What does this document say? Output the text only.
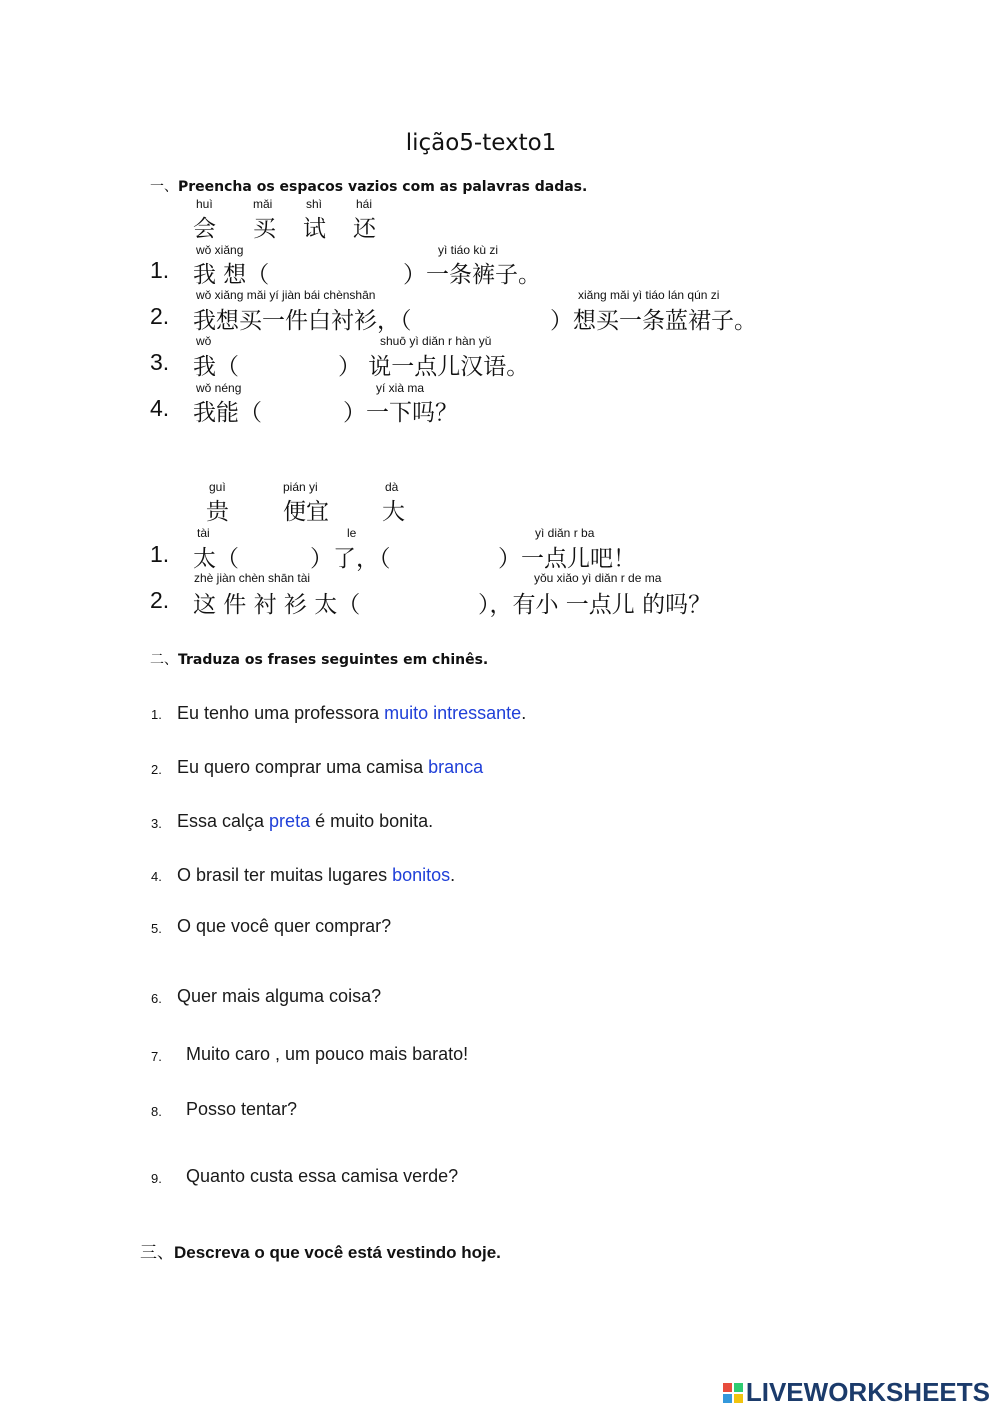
lição5-texto1
一、Preencha os espacos vazios com as palavras dadas.
huì	mǎi	shì	hái
会 买 试 还
wǒ xiǎng	yì tiáo kù zi
1. 我 想（	）一条裤子。
wǒ xiǎng mǎi yí jiàn bái chènshān	xiǎng mǎi yì tiáo lán qún zi
2. 我想买一件白衬衫，（	）想买一条蓝裙子。
wǒ	shuō yì diǎn r hàn yǔ
3. 我（	） 说一点儿汉语。
wǒ néng	yí xià ma
4. 我能（	）一下吗？
guì	pián yi	dà
贵 便宜 大
tài	le	yì diǎn r ba
1. 太（	）了，（	）一点儿吧！
zhè jiàn chèn shān tài	yǒu xiǎo yì diǎn r de ma
2. 这 件 衬 衫 太（	），有小 一点儿 的吗？
二、Traduza os frases seguintes em chinês.
1. Eu tenho uma professora muito intressante.
2. Eu quero comprar uma camisa branca
3. Essa calça preta é muito bonita.
4. O brasil ter muitas lugares bonitos.
5. O que você quer comprar?
6. Quer mais alguma coisa?
7. Muito caro , um pouco mais barato!
8. Posso tentar?
9. Quanto custa essa camisa verde?
三、Descreva o que você está vestindo hoje.
LIVEWORKSHEETS
